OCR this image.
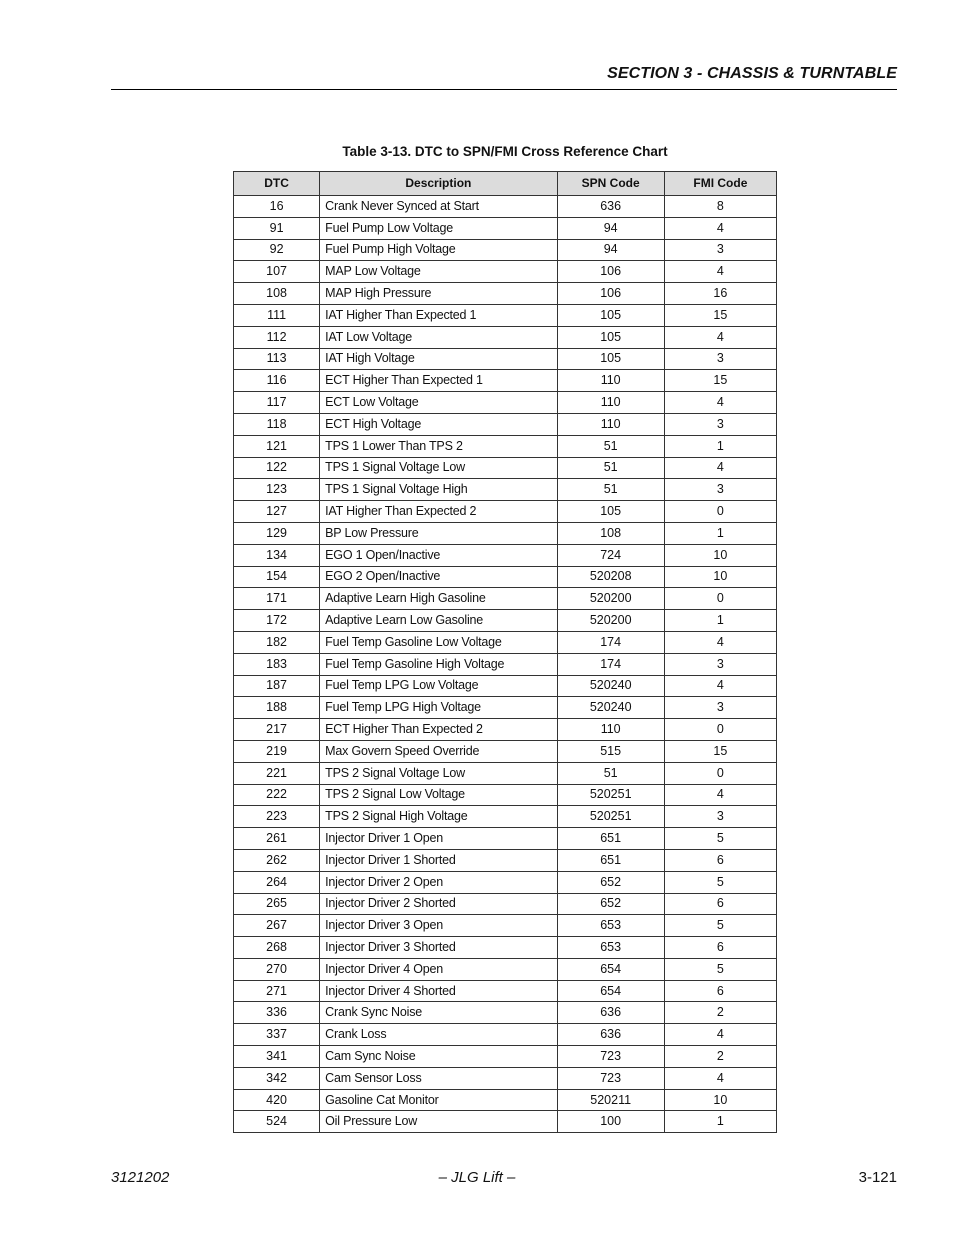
SECTION 3 - CHASSIS & TURNTABLE
Table 3-13. DTC to SPN/FMI Cross Reference Chart
DTC	Description	SPN Code	FMI Code
16	Crank Never Synced at Start	636	8
91	Fuel Pump Low Voltage	94	4
92	Fuel Pump High Voltage	94	3
107	MAP Low Voltage	106	4
108	MAP High Pressure	106	16
111	IAT Higher Than Expected 1	105	15
112	IAT Low Voltage	105	4
113	IAT High Voltage	105	3
116	ECT Higher Than Expected 1	110	15
117	ECT Low Voltage	110	4
118	ECT High Voltage	110	3
121	TPS 1 Lower Than TPS 2	51	1
122	TPS 1 Signal Voltage Low	51	4
123	TPS 1 Signal Voltage High	51	3
127	IAT Higher Than Expected 2	105	0
129	BP Low Pressure	108	1
134	EGO 1 Open/Inactive	724	10
154	EGO 2 Open/Inactive	520208	10
171	Adaptive Learn High Gasoline	520200	0
172	Adaptive Learn Low Gasoline	520200	1
182	Fuel Temp Gasoline Low Voltage	174	4
183	Fuel Temp Gasoline High Voltage	174	3
187	Fuel Temp LPG Low Voltage	520240	4
188	Fuel Temp LPG High Voltage	520240	3
217	ECT Higher Than Expected 2	110	0
219	Max Govern Speed Override	515	15
221	TPS 2 Signal Voltage Low	51	0
222	TPS 2 Signal Low Voltage	520251	4
223	TPS 2 Signal High Voltage	520251	3
261	Injector Driver 1 Open	651	5
262	Injector Driver 1 Shorted	651	6
264	Injector Driver 2 Open	652	5
265	Injector Driver 2 Shorted	652	6
267	Injector Driver 3 Open	653	5
268	Injector Driver 3 Shorted	653	6
270	Injector Driver 4 Open	654	5
271	Injector Driver 4 Shorted	654	6
336	Crank Sync Noise	636	2
337	Crank Loss	636	4
341	Cam Sync Noise	723	2
342	Cam Sensor Loss	723	4
420	Gasoline Cat Monitor	520211	10
524	Oil Pressure Low	100	1
3121202	– JLG Lift –	3-121
